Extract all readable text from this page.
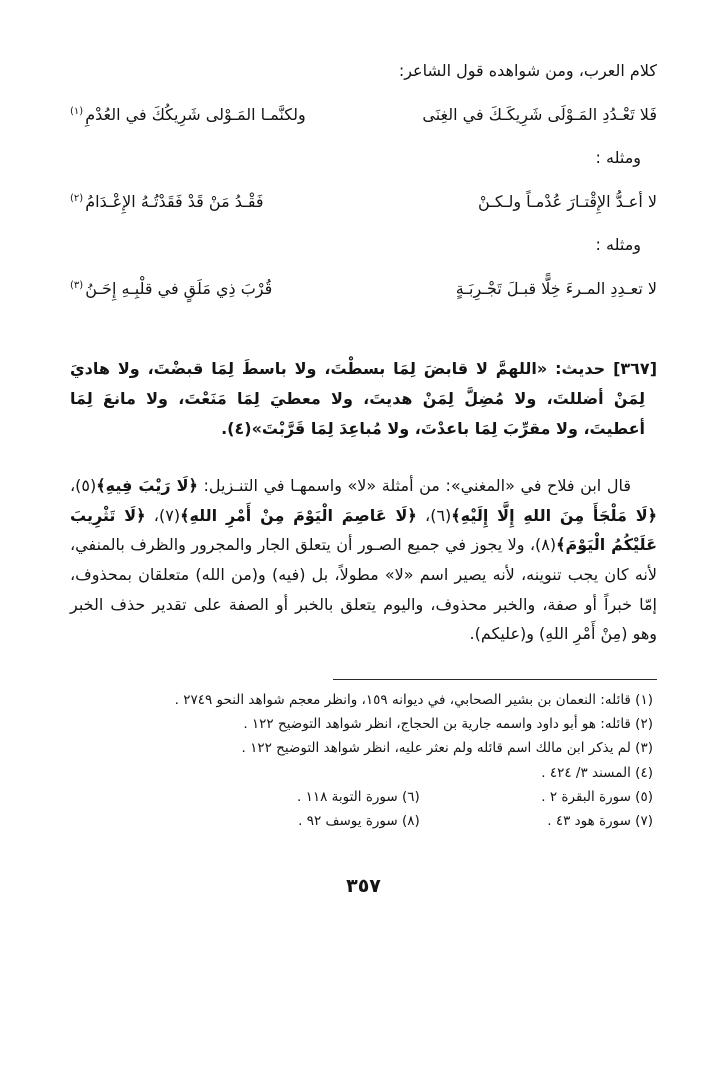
كلام العرب، ومن شواهده قول الشاعر:

فَلا تَعْـدُدِ المَـوْلَى شَرِيكَـكَ في الغِنَى
ولكنَّمـا المَـوْلى شَرِيكُكَ في العُدْمِ$^{(١)}$

ومثله :

لا أعـدُّ الإِقْتـارَ عُدْمـاً ولـكـنْ
فَقْـدُ مَنْ قَدْ فَقَدْتُـهُ الإِعْـدَامُ$^{(٢)}$

ومثله :

لا تعـدِدِ المـرءَ خِلًّا قبـلَ تَجْـرِبَـةٍ
قُرْبَ ذِي مَلَقٍ في قلْبِـهِ إِحَـنُ$^{(٣)}$

[٣٦٧] حديث: «اللهمَّ لا قابضَ لِمَا بسطْتَ، ولا باسطَ لِمَا قبضْتَ، ولا هاديَ لِمَنْ أضللتَ، ولا مُضِلَّ لِمَنْ هديتَ، ولا معطيَ لِمَا مَنَعْتَ، ولا مانعَ لِمَا أعطيتَ، ولا مقرِّبَ لِمَا باعدْتَ، ولا مُباعِدَ لِمَا قَرَّبْتَ»(٤).

قال ابن فلاح في «المغني»: من أمثلة «لا» واسمهـا في التنـزيل: ﴿لَا رَيْبَ فِيهِ﴾(٥)، ﴿لَا مَلْجَأَ مِنَ اللهِ إِلَّا إِلَيْهِ﴾(٦)، ﴿لَا عَاصِمَ الْيَوْمَ مِنْ أَمْرِ اللهِ﴾(٧)، ﴿لَا تَثْرِيبَ عَلَيْكُمُ الْيَوْمَ﴾(٨)، ولا يجوز في جميع الصـور أن يتعلق الجار والمجرور والظرف بالمنفي، لأنه كان يجب تنوينه، لأنه يصير اسم «لا» مطولاً، بل (فيه) و(من الله) متعلقان بمحذوف، إمّا خبراً أو صفة، والخبر محذوف، واليوم يتعلق بالخبر أو الصفة على تقدير حذف الخبر وهو (مِنْ أَمْرِ اللهِ) و(عليكم).

(١) قائله: النعمان بن بشير الصحابي، في ديوانه ١٥٩، وانظر معجم شواهد النحو ٢٧٤٩ .

(٢) قائله: هو أبو داود واسمه جارية بن الحجاج، انظر شواهد التوضيح ١٢٢ .

(٣) لم يذكر ابن مالك اسم قائله ولم نعثر عليه، انظر شواهد التوضيح ١٢٢ .

(٤) المسند ٣/ ٤٢٤ .

(٥) سورة البقرة ٢ .
(٦) سورة التوبة ١١٨ .
(٧) سورة هود ٤٣ .
(٨) سورة يوسف ٩٢ .

٣٥٧
